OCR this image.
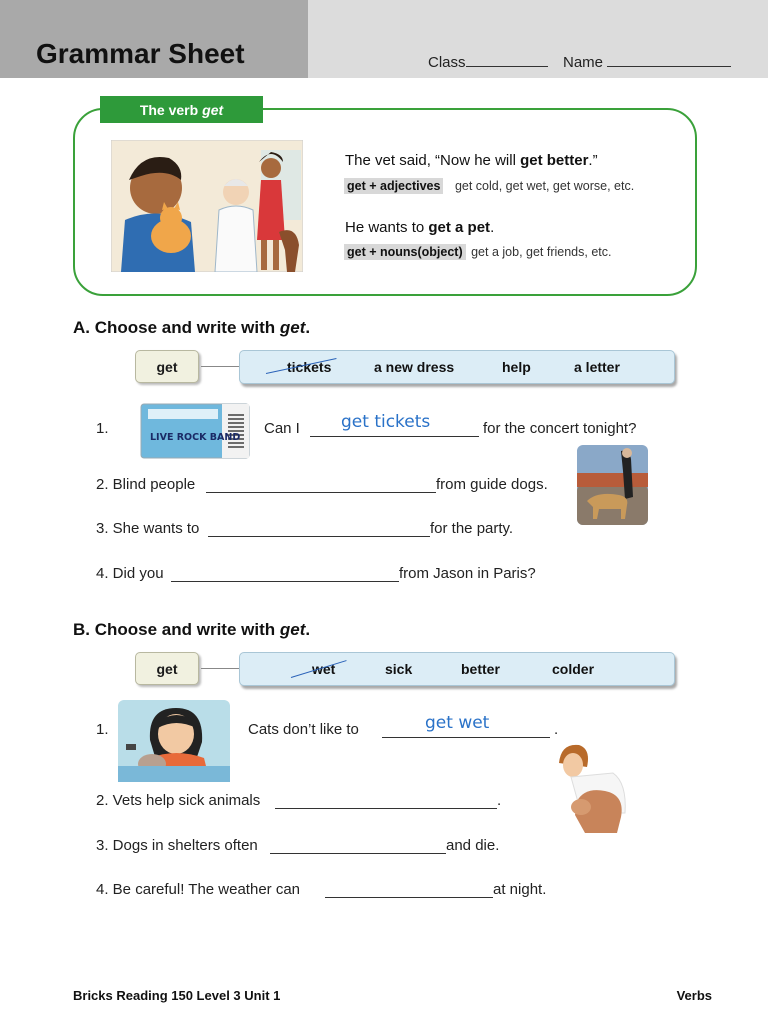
Grammar Sheet	Class	Name
The verb get
The vet said, “Now he will get better.”
get + adjectives get cold, get wet, get worse, etc.
He wants to get a pet.
get + nouns(object) get a job, get friends, etc.
A. Choose and write with get.
get	tickets	a new dress	help	a letter
1.
LIVE ROCK BAND
Can I get tickets	for the concert tonight?
2. Blind people	from guide dogs.
3. She wants to	for the party.
4. Did you	from Jason in Paris?
B. Choose and write with get.
get	wet	sick	better	colder
1.	Cats don’t like to	get wet	.
2. Vets help sick animals	.
3. Dogs in shelters often	and die.
4. Be careful! The weather can	at night.
Bricks Reading 150 Level 3 Unit 1	Verbs
